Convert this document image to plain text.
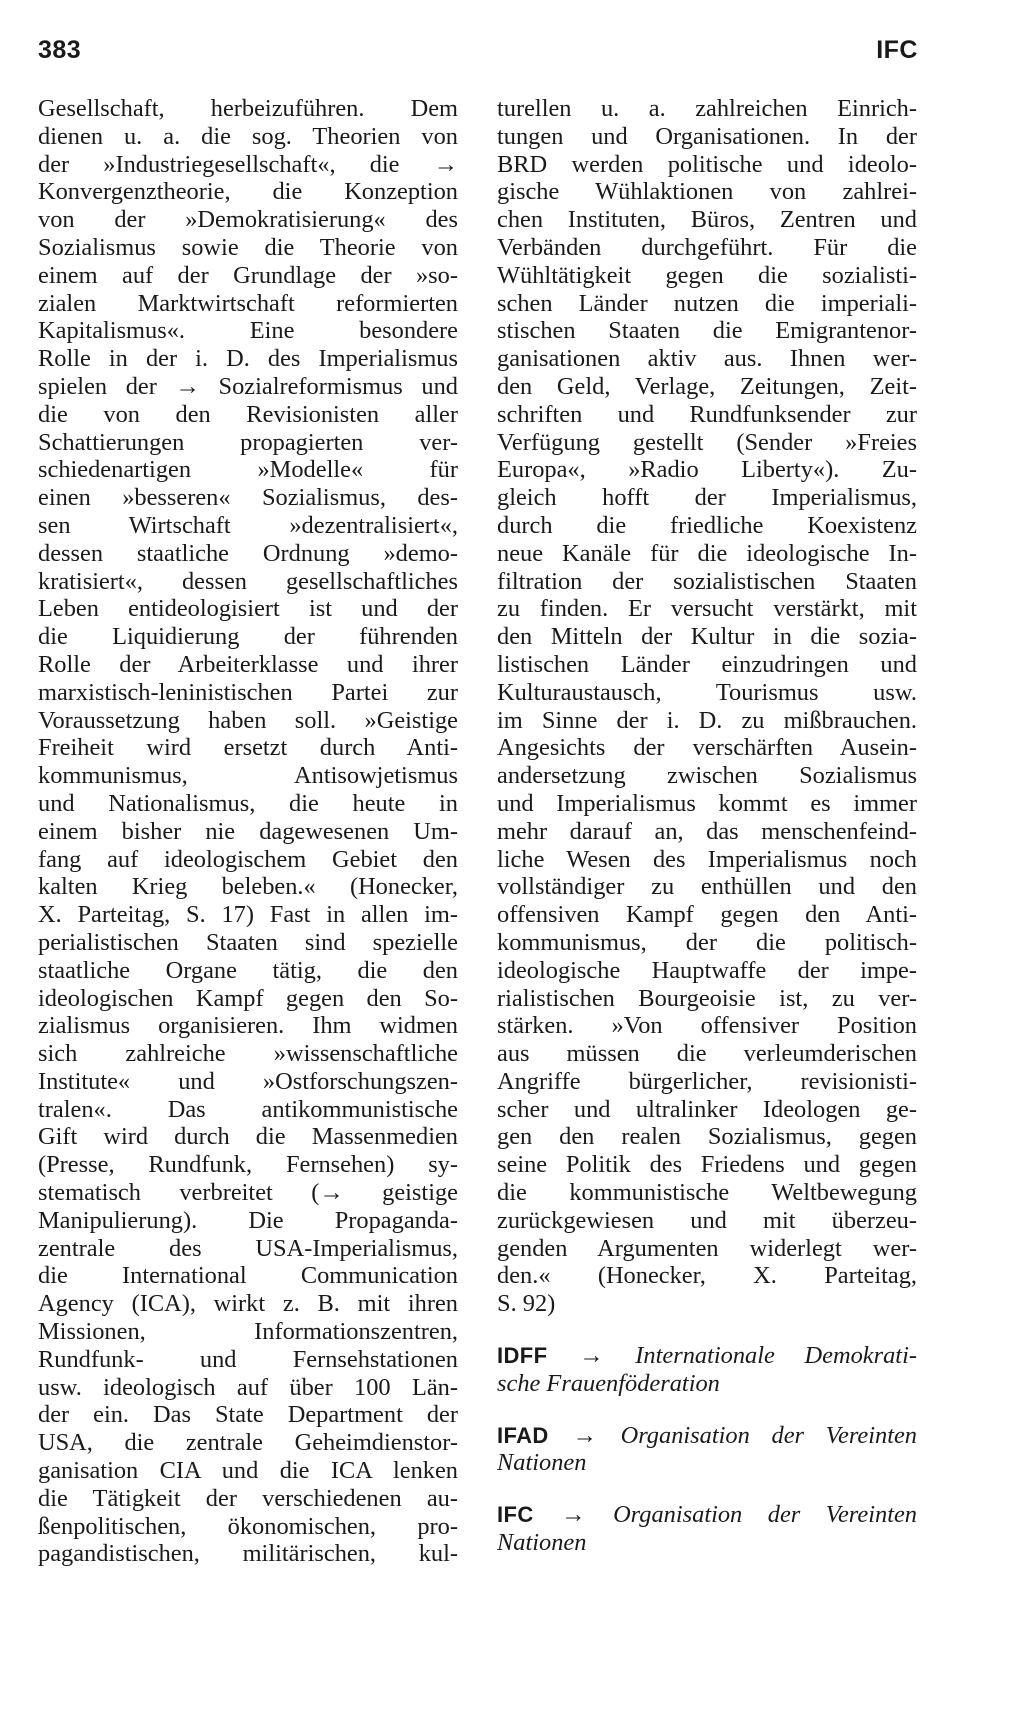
383	IFC
Gesellschaft, herbeizuführen. Dem
dienen u. a. die sog. Theorien von
der »Industriegesellschaft«, die →
Konvergenztheorie, die Konzeption
von der »Demokratisierung« des
Sozialismus sowie die Theorie von
einem auf der Grundlage der »so-
zialen Marktwirtschaft reformierten
Kapitalismus«. Eine besondere
Rolle in der i. D. des Imperialismus
spielen der → Sozialreformismus und
die von den Revisionisten aller
Schattierungen propagierten ver-
schiedenartigen »Modelle« für
einen »besseren« Sozialismus, des-
sen Wirtschaft »dezentralisiert«,
dessen staatliche Ordnung »demo-
kratisiert«, dessen gesellschaftliches
Leben entideologisiert ist und der
die Liquidierung der führenden
Rolle der Arbeiterklasse und ihrer
marxistisch-leninistischen Partei zur
Voraussetzung haben soll. »Geistige
Freiheit wird ersetzt durch Anti-
kommunismus, Antisowjetismus
und Nationalismus, die heute in
einem bisher nie dagewesenen Um-
fang auf ideologischem Gebiet den
kalten Krieg beleben.« (Honecker,
X. Parteitag, S. 17) Fast in allen im-
perialistischen Staaten sind spezielle
staatliche Organe tätig, die den
ideologischen Kampf gegen den So-
zialismus organisieren. Ihm widmen
sich zahlreiche »wissenschaftliche
Institute« und »Ostforschungszen-
tralen«. Das antikommunistische
Gift wird durch die Massenmedien
(Presse, Rundfunk, Fernsehen) sy-
stematisch verbreitet (→ geistige
Manipulierung). Die Propaganda-
zentrale des USA-Imperialismus,
die International Communication
Agency (ICA), wirkt z. B. mit ihren
Missionen, Informationszentren,
Rundfunk- und Fernsehstationen
usw. ideologisch auf über 100 Län-
der ein. Das State Department der
USA, die zentrale Geheimdienstor-
ganisation CIA und die ICA lenken
die Tätigkeit der verschiedenen au-
ßenpolitischen, ökonomischen, pro-
pagandistischen, militärischen, kul-
turellen u. a. zahlreichen Einrich-
tungen und Organisationen. In der
BRD werden politische und ideolo-
gische Wühlaktionen von zahlrei-
chen Instituten, Büros, Zentren und
Verbänden durchgeführt. Für die
Wühltätigkeit gegen die sozialisti-
schen Länder nutzen die imperiali-
stischen Staaten die Emigrantenor-
ganisationen aktiv aus. Ihnen wer-
den Geld, Verlage, Zeitungen, Zeit-
schriften und Rundfunksender zur
Verfügung gestellt (Sender »Freies
Europa«, »Radio Liberty«). Zu-
gleich hofft der Imperialismus,
durch die friedliche Koexistenz
neue Kanäle für die ideologische In-
filtration der sozialistischen Staaten
zu finden. Er versucht verstärkt, mit
den Mitteln der Kultur in die sozia-
listischen Länder einzudringen und
Kulturaustausch, Tourismus usw.
im Sinne der i. D. zu mißbrauchen.
Angesichts der verschärften Ausein-
andersetzung zwischen Sozialismus
und Imperialismus kommt es immer
mehr darauf an, das menschenfeind-
liche Wesen des Imperialismus noch
vollständiger zu enthüllen und den
offensiven Kampf gegen den Anti-
kommunismus, der die politisch-
ideologische Hauptwaffe der impe-
rialistischen Bourgeoisie ist, zu ver-
stärken. »Von offensiver Position
aus müssen die verleumderischen
Angriffe bürgerlicher, revisionisti-
scher und ultralinker Ideologen ge-
gen den realen Sozialismus, gegen
seine Politik des Friedens und gegen
die kommunistische Weltbewegung
zurückgewiesen und mit überzeu-
genden Argumenten widerlegt wer-
den.« (Honecker, X. Parteitag,
S. 92)
IDFF → Internationale Demokrati-
sche Frauenföderation
IFAD → Organisation der Vereinten
Nationen
IFC → Organisation der Vereinten
Nationen
